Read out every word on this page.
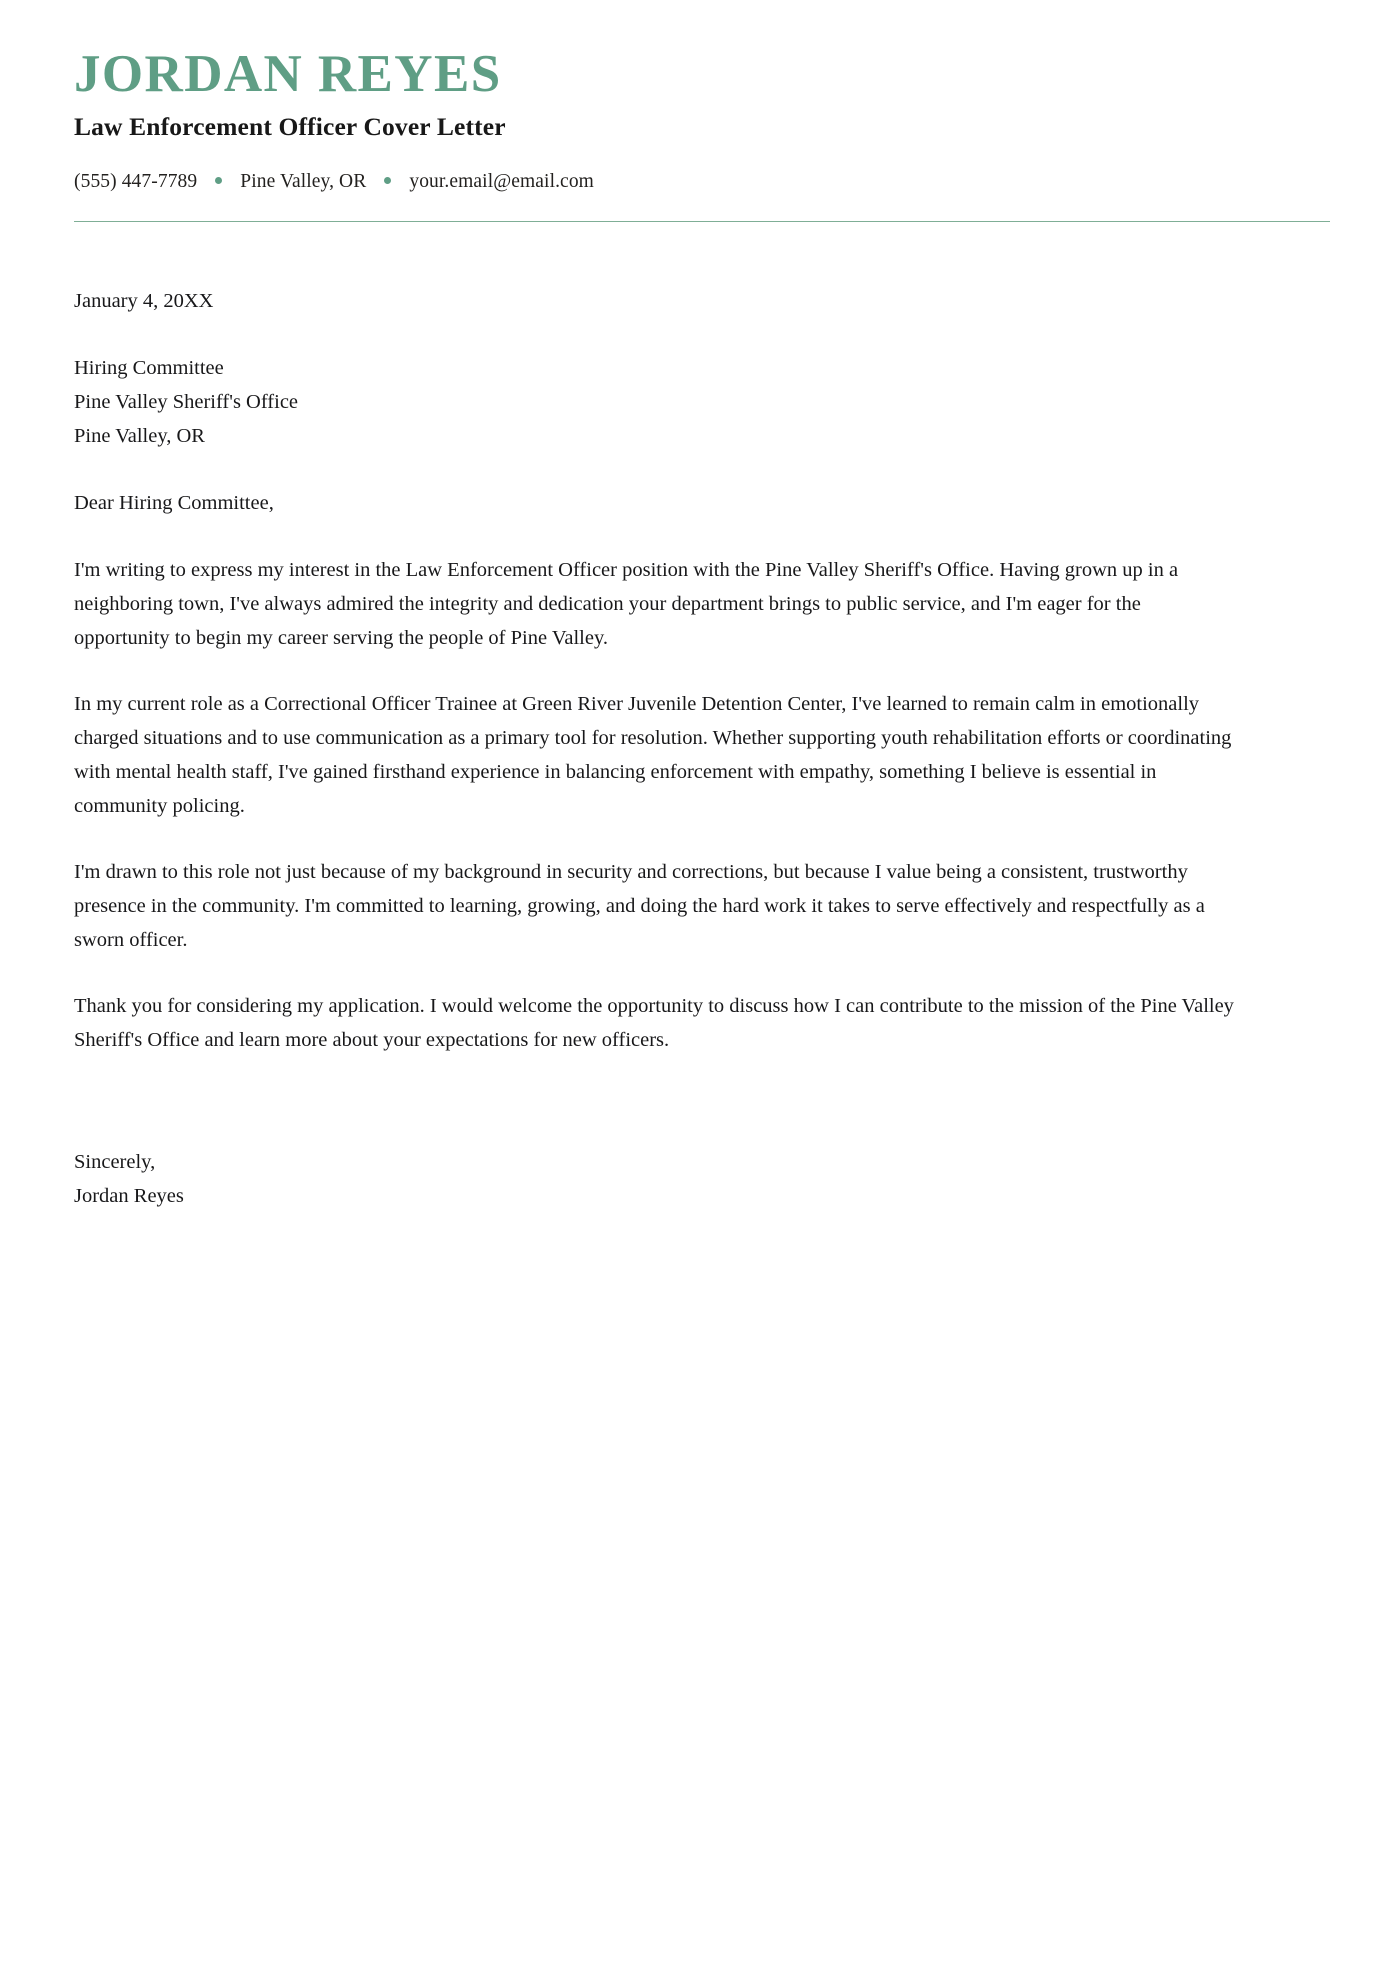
JORDAN REYES
Law Enforcement Officer Cover Letter
(555) 447-7789 Pine Valley, OR your.email@email.com
January 4, 20XX
Hiring Committee
Pine Valley Sheriff's Office
Pine Valley, OR
Dear Hiring Committee,

I'm writing to express my interest in the Law Enforcement Officer position with the Pine Valley Sheriff's Office. Having grown up in a neighboring town, I've always admired the integrity and dedication your department brings to public service, and I'm eager for the opportunity to begin my career serving the people of Pine Valley.

In my current role as a Correctional Officer Trainee at Green River Juvenile Detention Center, I've learned to remain calm in emotionally charged situations and to use communication as a primary tool for resolution. Whether supporting youth rehabilitation efforts or coordinating with mental health staff, I've gained firsthand experience in balancing enforcement with empathy, something I believe is essential in community policing.

I'm drawn to this role not just because of my background in security and corrections, but because I value being a consistent, trustworthy presence in the community. I'm committed to learning, growing, and doing the hard work it takes to serve effectively and respectfully as a sworn officer.

Thank you for considering my application. I would welcome the opportunity to discuss how I can contribute to the mission of the Pine Valley Sheriff's Office and learn more about your expectations for new officers.

Sincerely,
Jordan Reyes
